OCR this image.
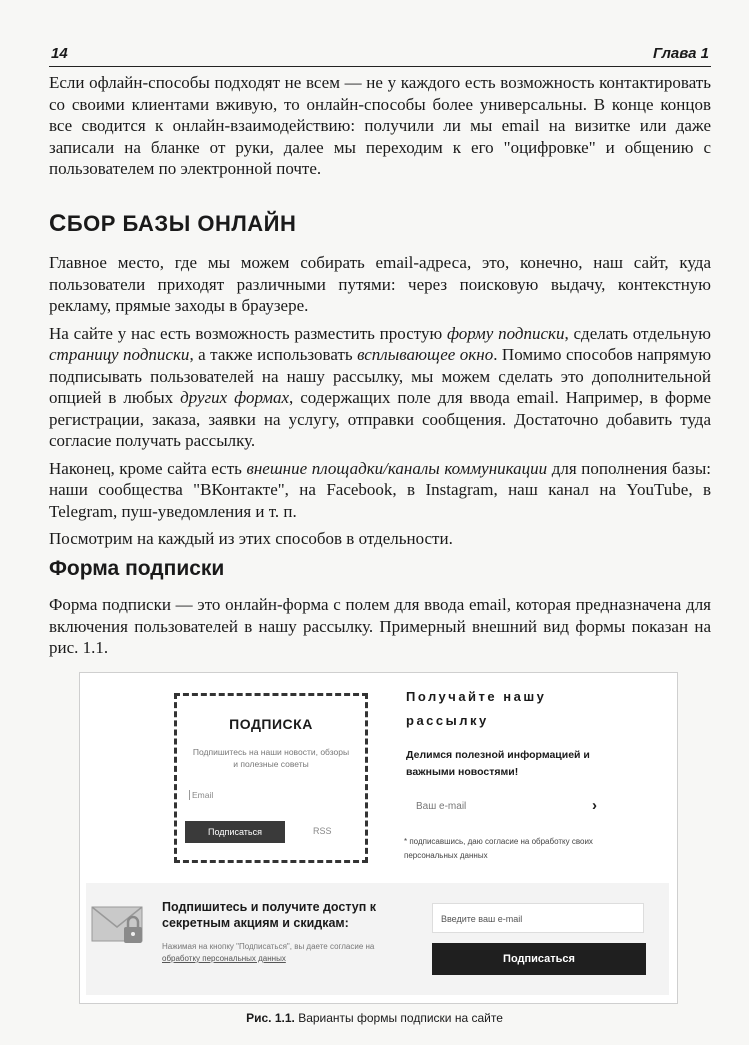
14	Глава 1

Если офлайн-способы подходят не всем — не у каждого есть возможность контактировать со своими клиентами вживую, то онлайн-способы более универсальны. В конце концов все сводится к онлайн-взаимодействию: получили ли мы email на визитке или даже записали на бланке от руки, далее мы переходим к его "оцифровке" и общению с пользователем по электронной почте.

СБОР БАЗЫ ОНЛАЙН

Главное место, где мы можем собирать email-адреса, это, конечно, наш сайт, куда пользователи приходят различными путями: через поисковую выдачу, контекстную рекламу, прямые заходы в браузере.

На сайте у нас есть возможность разместить простую форму подписки, сделать отдельную страницу подписки, а также использовать всплывающее окно. Помимо способов напрямую подписывать пользователей на нашу рассылку, мы можем сделать это дополнительной опцией в любых других формах, содержащих поле для ввода email. Например, в форме регистрации, заказа, заявки на услугу, отправки сообщения. Достаточно добавить туда согласие получать рассылку.

Наконец, кроме сайта есть внешние площадки/каналы коммуникации для пополнения базы: наши сообщества "ВКонтакте", на Facebook, в Instagram, наш канал на YouTube, в Telegram, пуш-уведомления и т. п.

Посмотрим на каждый из этих способов в отдельности.

Форма подписки

Форма подписки — это онлайн-форма с полем для ввода email, которая предназначена для включения пользователей в нашу рассылку. Примерный внешний вид формы показан на рис. 1.1.

ПОДПИСКА
Подпишитесь на наши новости, обзоры и полезные советы
Email
Подписаться	RSS
Получайте нашу рассылку
Делимся полезной информацией и важными новостями!
Ваш e-mail	›
* подписавшись, даю согласие на обработку своих персональных данных
Подпишитесь и получите доступ к секретным акциям и скидкам:
Нажимая на кнопку "Подписаться", вы даете согласие на обработку персональных данных
Введите ваш e-mail
Подписаться
Рис. 1.1. Варианты формы подписки на сайте
